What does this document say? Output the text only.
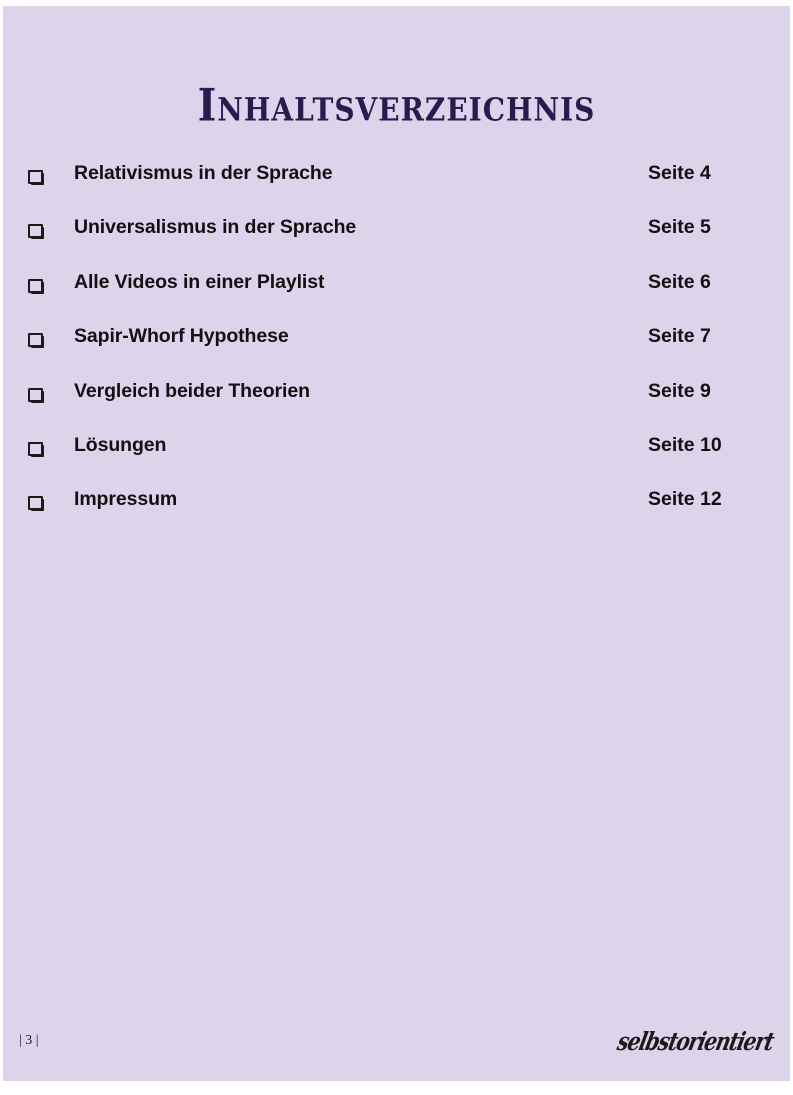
Inhaltsverzeichnis
Relativismus in der Sprache	Seite 4
Universalismus in der Sprache	Seite 5
Alle Videos in einer Playlist	Seite 6
Sapir-Whorf Hypothese	Seite 7
Vergleich beider Theorien	Seite 9
Lösungen	Seite 10
Impressum	Seite 12
| 3 |	selbstorientiert
